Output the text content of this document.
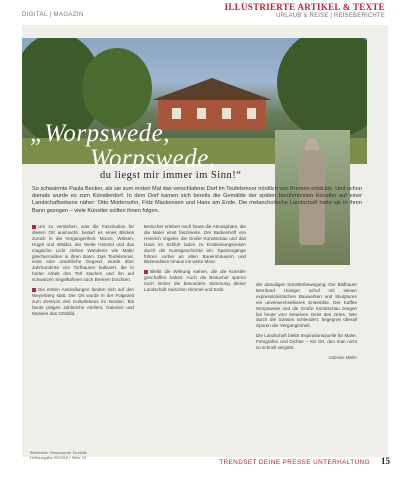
DIGITAL | MAGAZIN
ILLUSTRIERTE ARTIKEL & TEXTE
URLAUB & REISE | REISEBERICHTE
„Worpswede,
Worpswede,
du liegst mir immer im Sinn!“
So schwärmte Paula Becker, als sie zum ersten Mal das verschlafene Dorf im Teufelsmoor nördlich von Bremen erblickte. Und schon damals wurde es zum Künstlerdorf. In dem Dorf kamen sich bereits die Gemälde der späten berühmtesten Künstler auf einer Landschaftsebene näher: Otto Modersohn, Fritz Mackensen und Hans am Ende. Die melancholische Landschaft hatte sie in ihren Bann gezogen – viele Künstler sollten ihnen folgen.

Um zu verstehen, was die Faszination für diesen Ort ausmacht, bedarf es eines Blickes zurück in die Vergangenheit. Moore, Wiesen, Hügel und Wälder, der Weite Himmel und das magische Licht ziehen Wanderer wie Maler gleichermaßen in ihren Bann. Das Teufelsmoor, einst eine unwirtliche Gegend, wurde über Jahrhunderte von Torfbauern kultiviert, die in harter Arbeit den Torf stachen und ihn auf schwarzen Segelkähnen nach Bremen brachten.

Die ersten Ansiedlungen fanden sich auf den Weyerberg statt. Der Ort wurde in der Folgezeit zum Zentrum des Kulturlebens im Norden. Bis heute prägen zahlreiche Ateliers, Galerien und Museen das Ortsbild.

Besucher erleben noch heute die Atmosphäre, die die Maler einst faszinierte. Der Barkenhoff von Heinrich Vogeler, die Große Kunstschau und das Haus im Schluh laden zu Entdeckungsreisen durch die Kunstgeschichte ein. Spaziergänge führen vorbei an alten Bauernhäusern und Birkenalleen hinaus ins weite Moor.

Bleibt die Wirkung stehen, die die Künstler geschaffen haben: Auch die Besucher spüren noch immer die besondere Stimmung dieser Landschaft zwischen Himmel und Erde.

der damaligen Künstlerbewegung. Der Bildhauer Bernhard Hoetger schuf mit seinen expressionistischen Bauwerken und Skulpturen ein unverwechselbares Ensemble. Der Kaffee Worpswede und die Große Kunstschau zeugen bis heute vom kreativen Geist des Ortes. Wer durch die Gassen schlendert, begegnet überall Spuren der Vergangenheit.

Die Landschaft bleibt Inspirationsquelle für Maler, Fotografen und Dichter – ein Ort, den man nicht so schnell vergisst.

Gabriele Müller
Bildrechte: Worpswede Touristik
Heftausgabe 09/2016 | Seite 15
TRENDSET DEINE PRESSE UNTERHALTUNG 15
